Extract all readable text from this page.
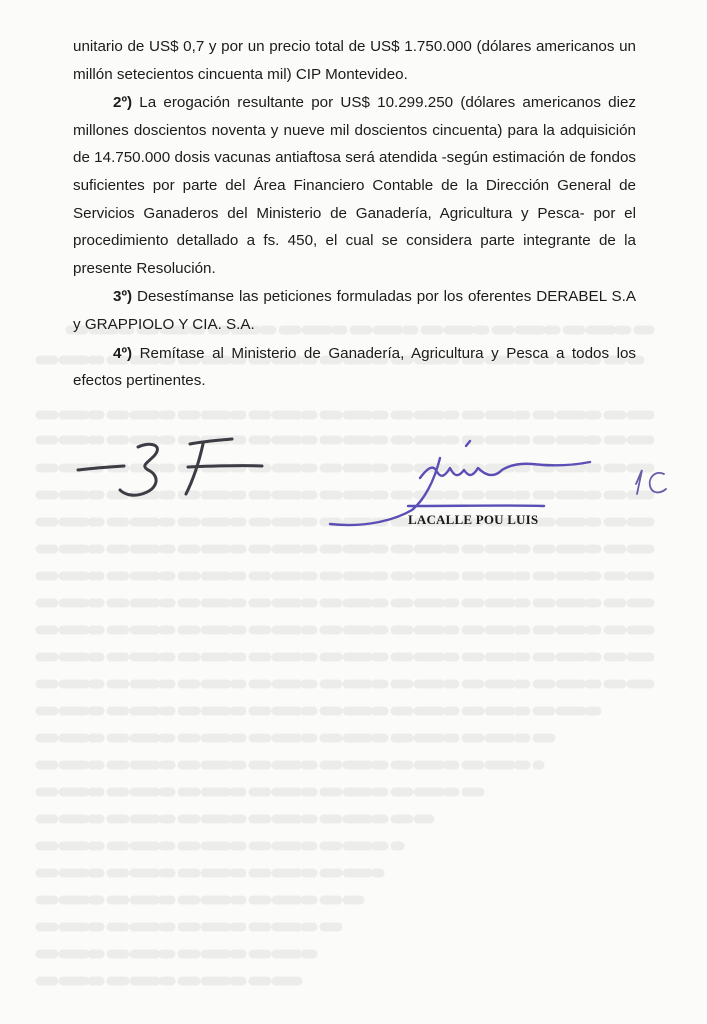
unitario de US$ 0,7 y por un precio total de US$ 1.750.000 (dólares americanos un millón setecientos cincuenta mil) CIP Montevideo.

2º) La erogación resultante por US$ 10.299.250 (dólares americanos diez millones doscientos noventa y nueve mil doscientos cincuenta) para la adquisición de 14.750.000 dosis vacunas antiaftosa será atendida -según estimación de fondos suficientes por parte del Área Financiero Contable de la Dirección General de Servicios Ganaderos del Ministerio de Ganadería, Agricultura y Pesca- por el procedimiento detallado a fs. 450, el cual se considera parte integrante de la presente Resolución.

3º) Desestímanse las peticiones formuladas por los oferentes DERABEL S.A y GRAPPIOLO Y CIA. S.A.

4º) Remítase al Ministerio de Ganadería, Agricultura y Pesca a todos los efectos pertinentes.

LACALLE POU LUIS
